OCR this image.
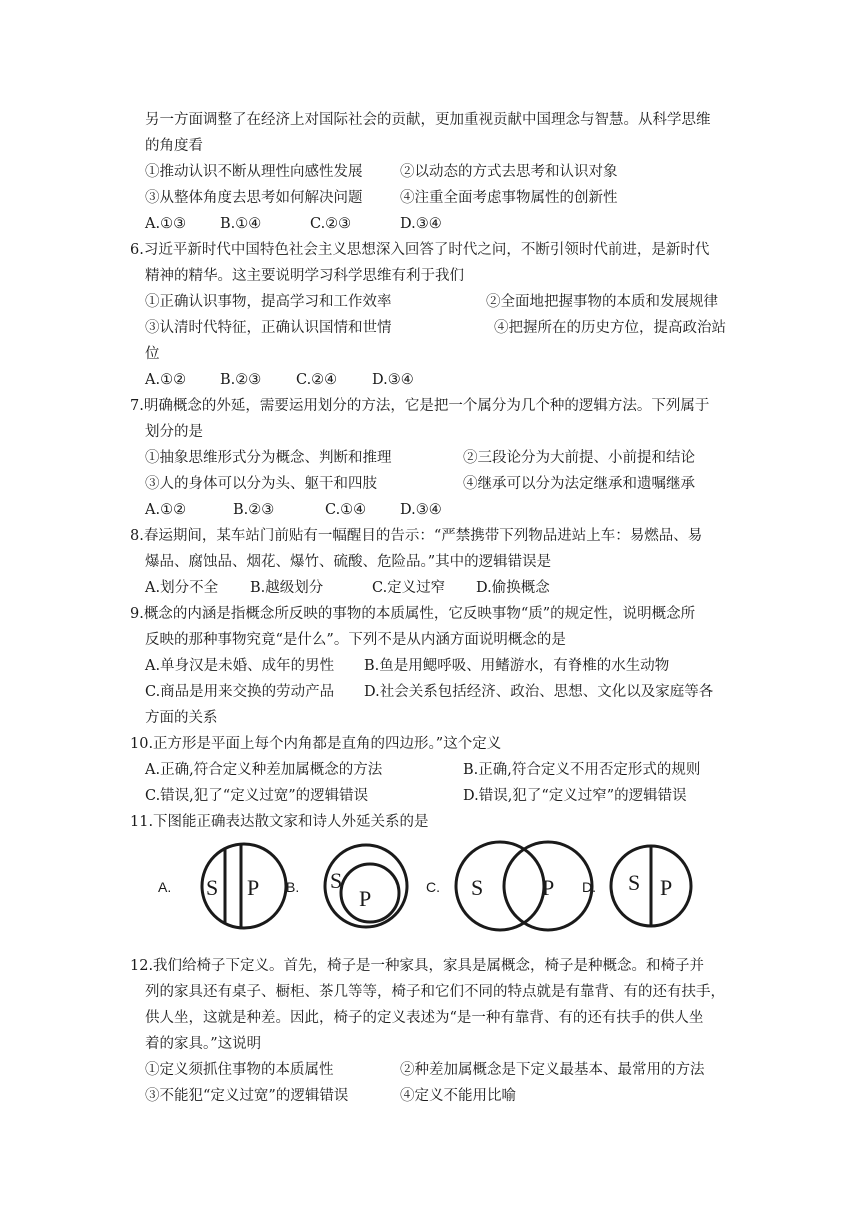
另一方面调整了在经济上对国际社会的贡献，更加重视贡献中国理念与智慧。从科学思维
的角度看
①推动认识不断从理性向感性发展	②以动态的方式去思考和认识对象
③从整体角度去思考如何解决问题	④注重全面考虑事物属性的创新性
A.①③ B.①④	C.②③	D.③④
6.习近平新时代中国特色社会主义思想深入回答了时代之问，不断引领时代前进，是新时代
精神的精华。这主要说明学习科学思维有利于我们
①正确认识事物，提高学习和工作效率	②全面地把握事物的本质和发展规律
③认清时代特征，正确认识国情和世情	④把握所在的历史方位，提高政治站
位
A.①② B.②③ C.②④ D.③④
7.明确概念的外延，需要运用划分的方法，它是把一个属分为几个种的逻辑方法。下列属于
划分的是
①抽象思维形式分为概念、判断和推理	②三段论分为大前提、小前提和结论
③人的身体可以分为头、躯干和四肢	④继承可以分为法定继承和遗嘱继承
A.①②	B.②③	C.①④ D.③④
8.春运期间，某车站门前贴有一幅醒目的告示：“严禁携带下列物品进站上车：易燃品、易
爆品、腐蚀品、烟花、爆竹、硫酸、危险品。”其中的逻辑错误是
A.划分不全 B.越级划分	C.定义过窄 D.偷换概念
9.概念的内涵是指概念所反映的事物的本质属性，它反映事物“质”的规定性，说明概念所
反映的那种事物究竟“是什么”。下列不是从内涵方面说明概念的是
A.单身汉是未婚、成年的男性 B.鱼是用鳃呼吸、用鳍游水，有脊椎的水生动物
C.商品是用来交换的劳动产品 D.社会关系包括经济、政治、思想、文化以及家庭等各
方面的关系
10.正方形是平面上每个内角都是直角的四边形。”这个定义
A.正确,符合定义种差加属概念的方法	B.正确,符合定义不用否定形式的规则
C.错误,犯了“定义过宽”的逻辑错误	D.错误,犯了“定义过窄”的逻辑错误
11.下图能正确表达散文家和诗人外延关系的是
A.	B.	C.	D.
S P	S
P	S	P	S P
12.我们给椅子下定义。首先，椅子是一种家具，家具是属概念，椅子是种概念。和椅子并
列的家具还有桌子、橱柜、茶几等等，椅子和它们不同的特点就是有靠背、有的还有扶手，
供人坐，这就是种差。因此，椅子的定义表述为“是一种有靠背、有的还有扶手的供人坐
着的家具。”这说明
①定义须抓住事物的本质属性	②种差加属概念是下定义最基本、最常用的方法
③不能犯“定义过宽”的逻辑错误	④定义不能用比喻
